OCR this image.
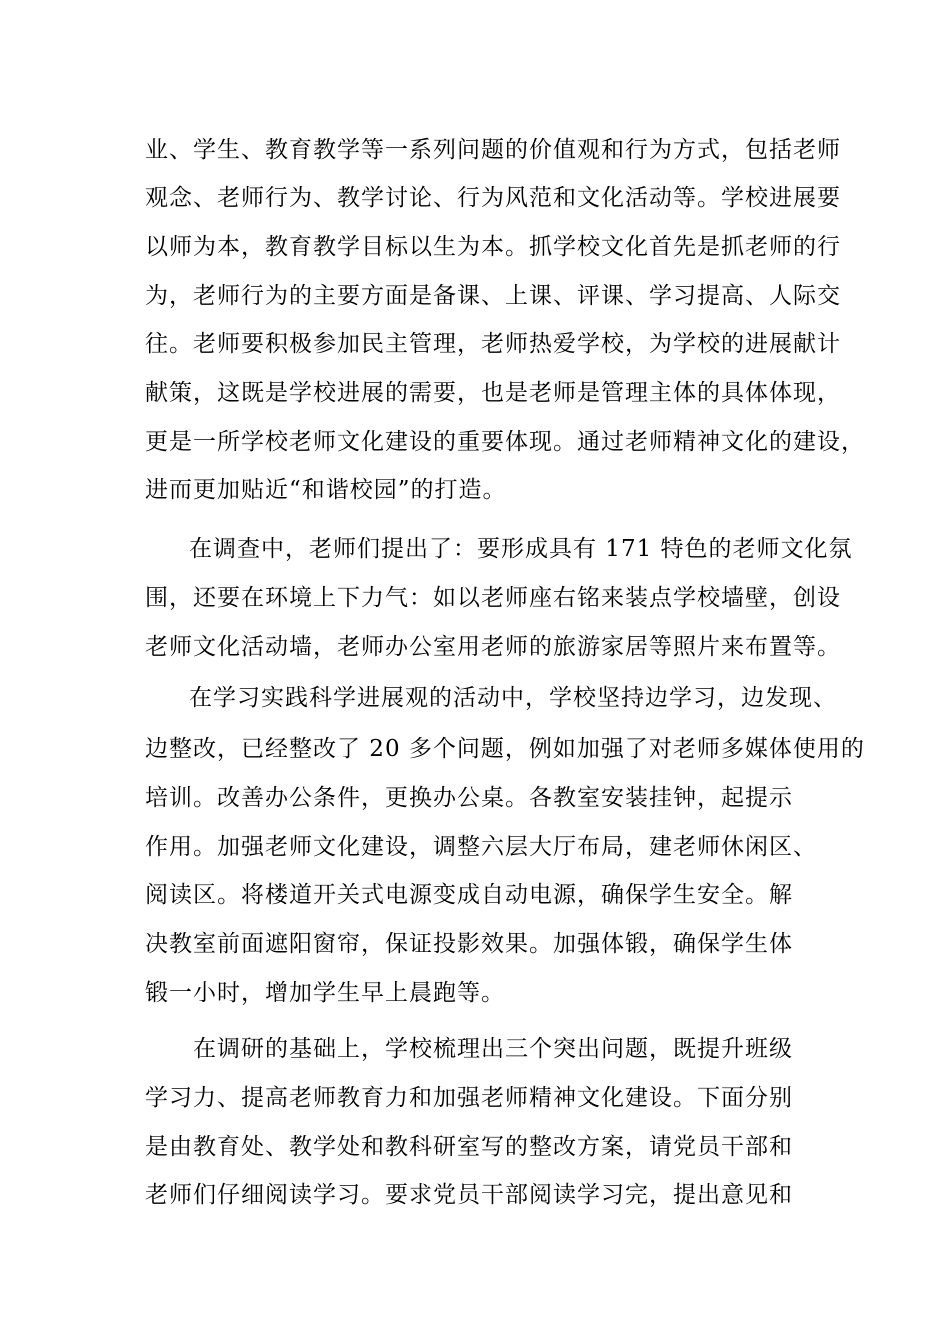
业、学生、教育教学等一系列问题的价值观和行为方式，包括老师
观念、老师行为、教学讨论、行为风范和文化活动等。学校进展要
以师为本，教育教学目标以生为本。抓学校文化首先是抓老师的行
为，老师行为的主要方面是备课、上课、评课、学习提高、人际交
往。老师要积极参加民主管理，老师热爱学校，为学校的进展献计
献策，这既是学校进展的需要，也是老师是管理主体的具体体现，
更是一所学校老师文化建设的重要体现。通过老师精神文化的建设，
进而更加贴近“和谐校园”的打造。
在调查中，老师们提出了：要形成具有 171 特色的老师文化氛
围，还要在环境上下力气：如以老师座右铭来装点学校墙壁，创设
老师文化活动墙，老师办公室用老师的旅游家居等照片来布置等。
在学习实践科学进展观的活动中，学校坚持边学习，边发现、
边整改，已经整改了 20 多个问题，例如加强了对老师多媒体使用的
培训。改善办公条件，更换办公桌。各教室安装挂钟，起提示
作用。加强老师文化建设，调整六层大厅布局，建老师休闲区、
阅读区。将楼道开关式电源变成自动电源，确保学生安全。解
决教室前面遮阳窗帘，保证投影效果。加强体锻，确保学生体
锻一小时，增加学生早上晨跑等。
在调研的基础上，学校梳理出三个突出问题，既提升班级
学习力、提高老师教育力和加强老师精神文化建设。下面分别
是由教育处、教学处和教科研室写的整改方案，请党员干部和
老师们仔细阅读学习。要求党员干部阅读学习完，提出意见和
